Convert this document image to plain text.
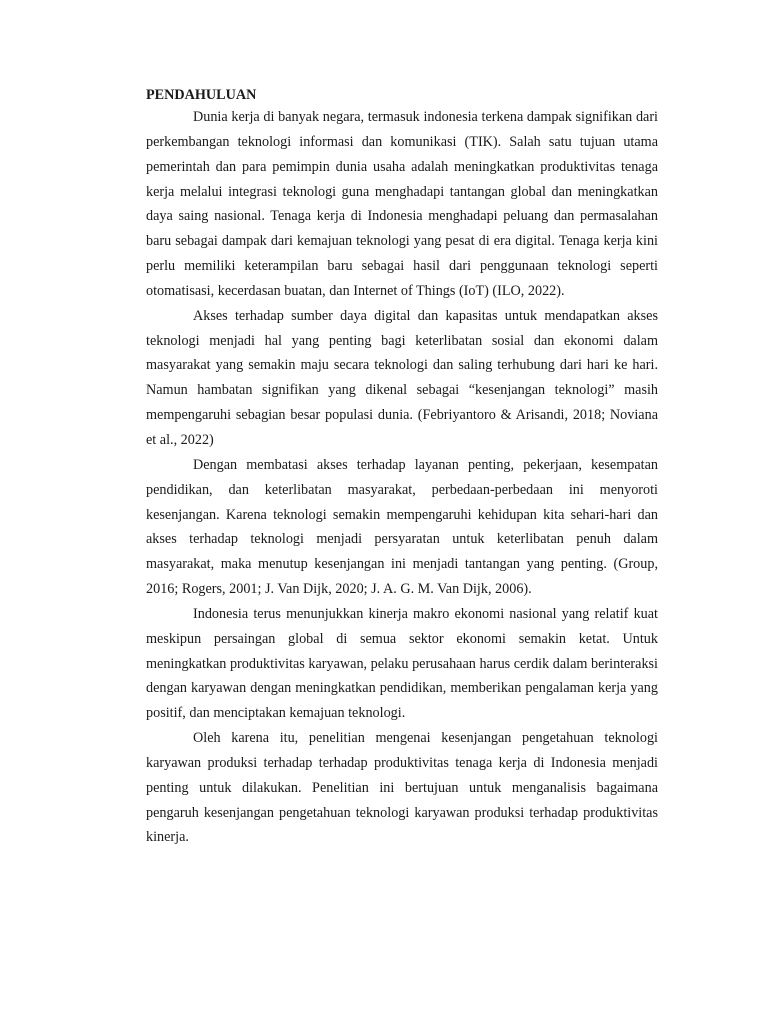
PENDAHULUAN

Dunia kerja di banyak negara, termasuk indonesia terkena dampak signifikan dari perkembangan teknologi informasi dan komunikasi (TIK). Salah satu tujuan utama pemerintah dan para pemimpin dunia usaha adalah meningkatkan produktivitas tenaga kerja melalui integrasi teknologi guna menghadapi tantangan global dan meningkatkan daya saing nasional. Tenaga kerja di Indonesia menghadapi peluang dan permasalahan baru sebagai dampak dari kemajuan teknologi yang pesat di era digital. Tenaga kerja kini perlu memiliki keterampilan baru sebagai hasil dari penggunaan teknologi seperti otomatisasi, kecerdasan buatan, dan Internet of Things (IoT) (ILO, 2022).

Akses terhadap sumber daya digital dan kapasitas untuk mendapatkan akses teknologi menjadi hal yang penting bagi keterlibatan sosial dan ekonomi dalam masyarakat yang semakin maju secara teknologi dan saling terhubung dari hari ke hari. Namun hambatan signifikan yang dikenal sebagai “kesenjangan teknologi” masih mempengaruhi sebagian besar populasi dunia. (Febriyantoro & Arisandi, 2018; Noviana et al., 2022)

Dengan membatasi akses terhadap layanan penting, pekerjaan, kesempatan pendidikan, dan keterlibatan masyarakat, perbedaan-perbedaan ini menyoroti kesenjangan. Karena teknologi semakin mempengaruhi kehidupan kita sehari-hari dan akses terhadap teknologi menjadi persyaratan untuk keterlibatan penuh dalam masyarakat, maka menutup kesenjangan ini menjadi tantangan yang penting. (Group, 2016; Rogers, 2001; J. Van Dijk, 2020; J. A. G. M. Van Dijk, 2006).

Indonesia terus menunjukkan kinerja makro ekonomi nasional yang relatif kuat meskipun persaingan global di semua sektor ekonomi semakin ketat. Untuk meningkatkan produktivitas karyawan, pelaku perusahaan harus cerdik dalam berinteraksi dengan karyawan dengan meningkatkan pendidikan, memberikan pengalaman kerja yang positif, dan menciptakan kemajuan teknologi.

Oleh karena itu, penelitian mengenai kesenjangan pengetahuan teknologi karyawan produksi terhadap terhadap produktivitas tenaga kerja di Indonesia menjadi penting untuk dilakukan. Penelitian ini bertujuan untuk menganalisis bagaimana pengaruh kesenjangan pengetahuan teknologi karyawan produksi terhadap produktivitas kinerja.
